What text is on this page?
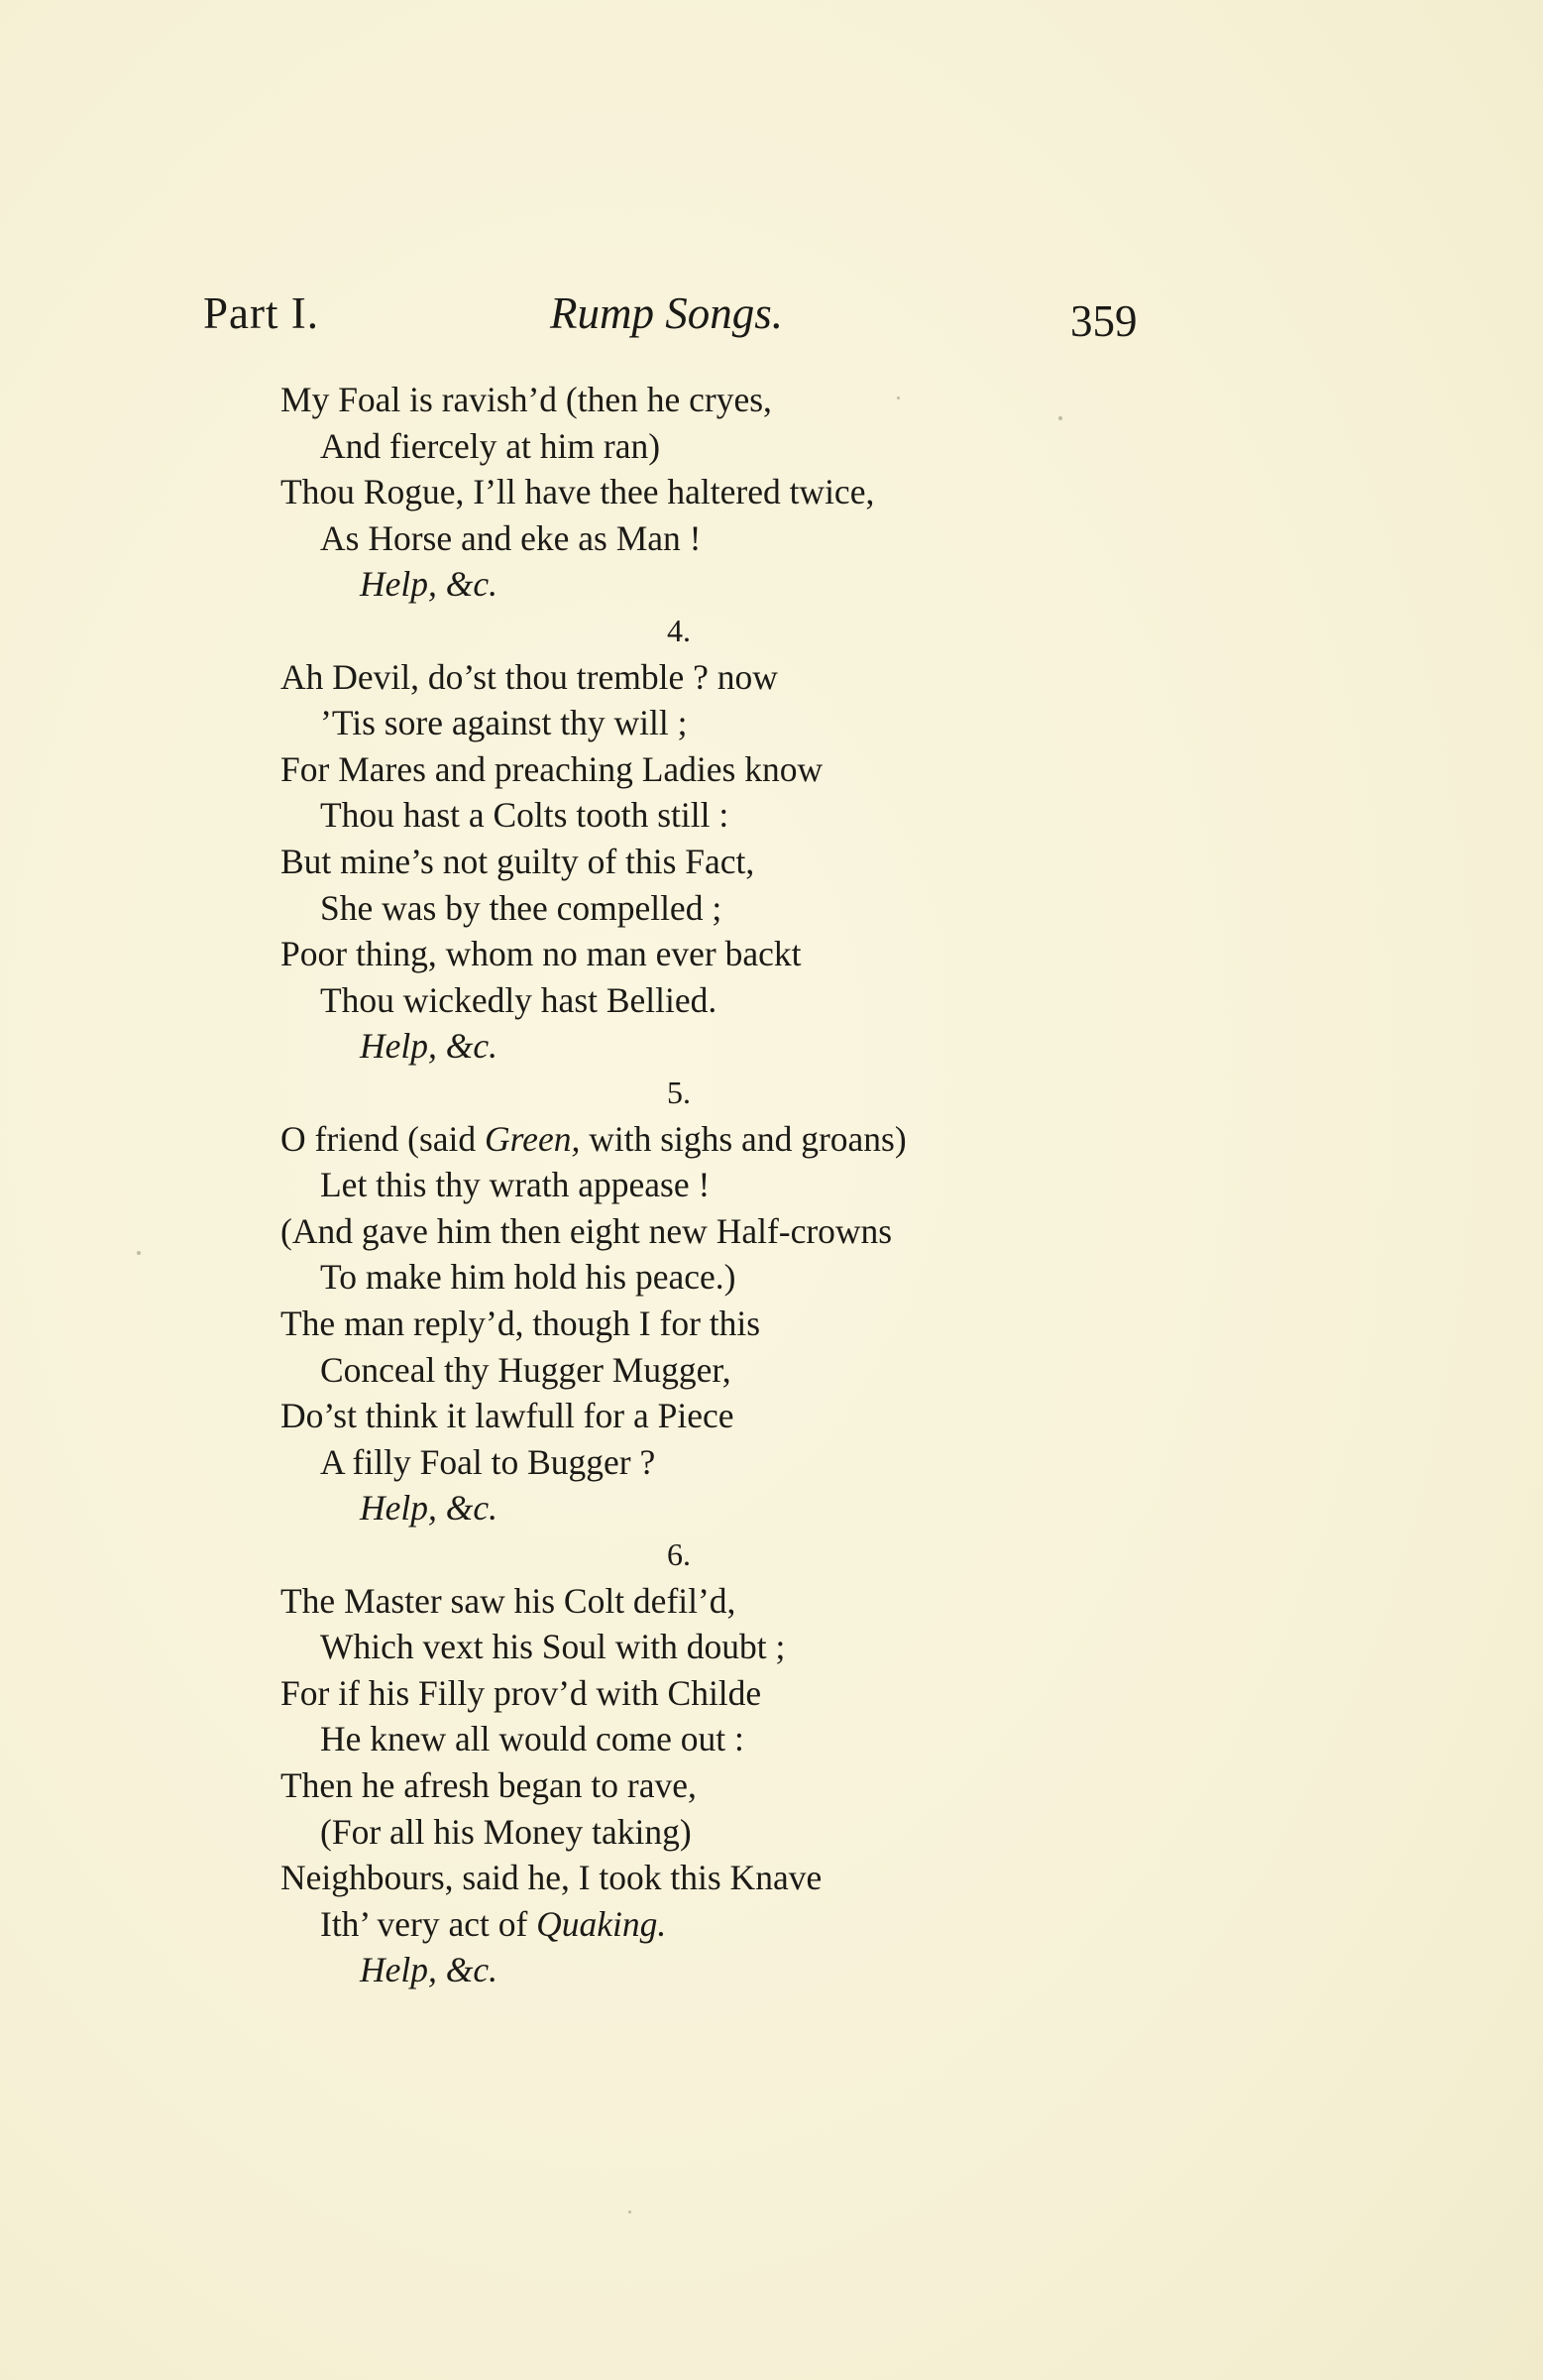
Part I.	Rump Songs.	359
My Foal is ravish’d (then he cryes,
And fiercely at him ran)
Thou Rogue, I’ll have thee haltered twice,
As Horse and eke as Man !
Help, &c.
4.
Ah Devil, do’st thou tremble ? now
’Tis sore against thy will ;
For Mares and preaching Ladies know
Thou hast a Colts tooth still :
But mine’s not guilty of this Fact,
She was by thee compelled ;
Poor thing, whom no man ever backt
Thou wickedly hast Bellied.
Help, &c.
5.
O friend (said Green, with sighs and groans)
Let this thy wrath appease !
(And gave him then eight new Half-crowns
To make him hold his peace.)
The man reply’d, though I for this
Conceal thy Hugger Mugger,
Do’st think it lawfull for a Piece
A filly Foal to Bugger ?
Help, &c.
6.
The Master saw his Colt defil’d,
Which vext his Soul with doubt ;
For if his Filly prov’d with Childe
He knew all would come out :
Then he afresh began to rave,
(For all his Money taking)
Neighbours, said he, I took this Knave
Ith’ very act of Quaking.
Help, &c.
